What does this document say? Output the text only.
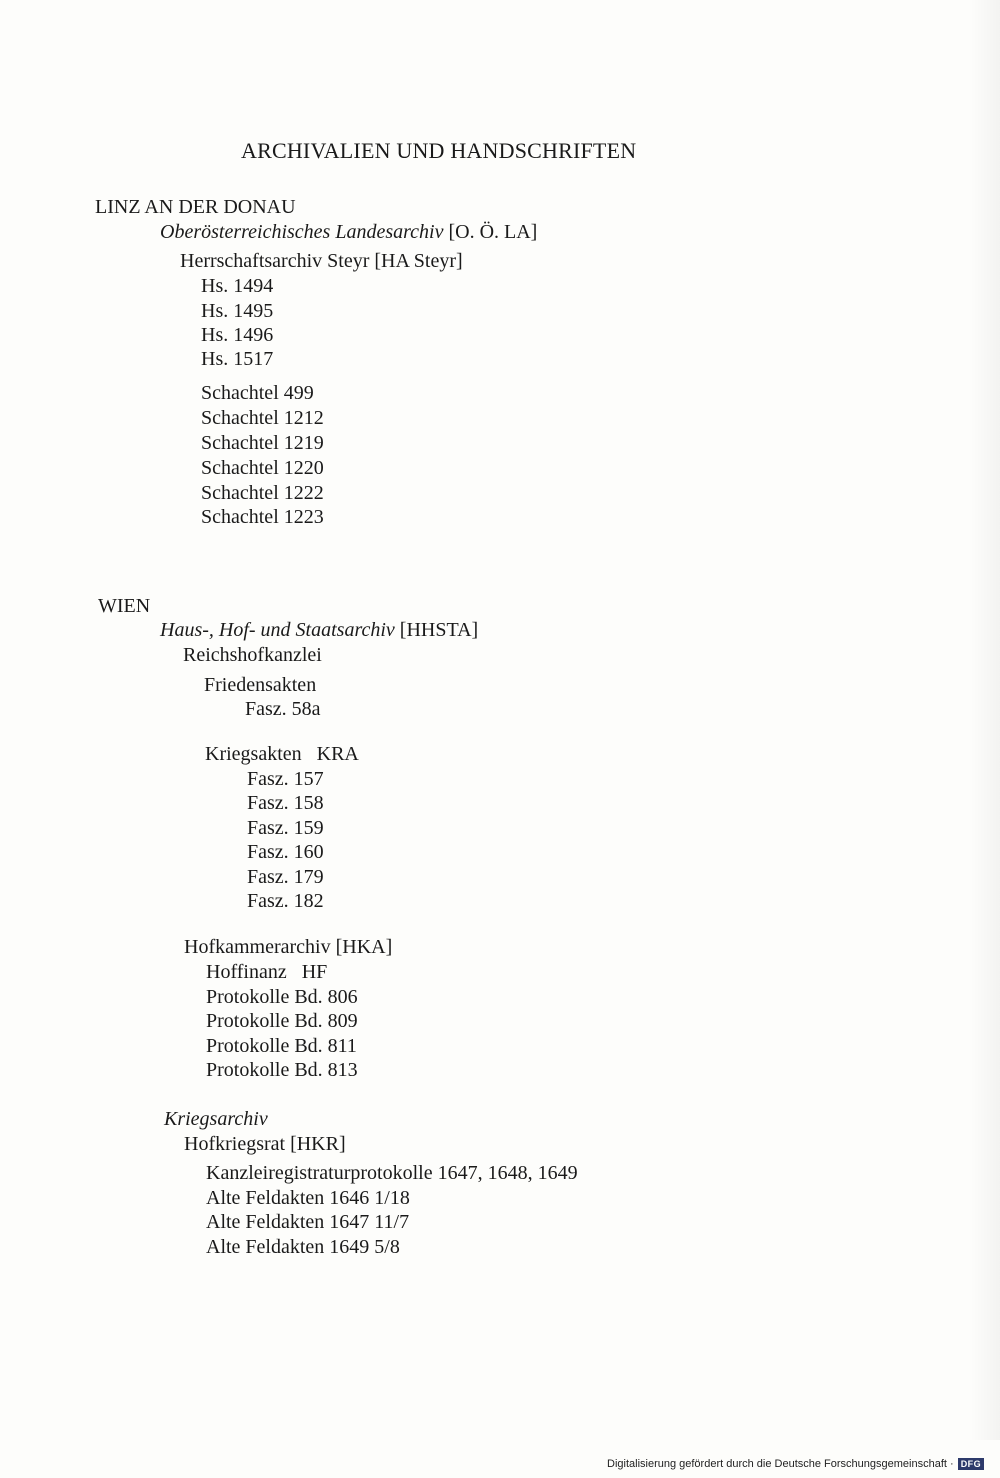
ARCHIVALIEN UND HANDSCHRIFTEN
LINZ AN DER DONAU
Oberösterreichisches Landesarchiv [O. Ö. LA]
Herrschaftsarchiv Steyr [HA Steyr]
Hs. 1494
Hs. 1495
Hs. 1496
Hs. 1517
Schachtel 499
Schachtel 1212
Schachtel 1219
Schachtel 1220
Schachtel 1222
Schachtel 1223
WIEN
Haus-, Hof- und Staatsarchiv [HHSTA]
Reichshofkanzlei
Friedensakten
Fasz. 58a
Kriegsakten   KRA
Fasz. 157
Fasz. 158
Fasz. 159
Fasz. 160
Fasz. 179
Fasz. 182
Hofkammerarchiv [HKA]
Hoffinanz   HF
Protokolle Bd. 806
Protokolle Bd. 809
Protokolle Bd. 811
Protokolle Bd. 813
Kriegsarchiv
Hofkriegsrat [HKR]
Kanzleiregistraturprotokolle 1647, 1648, 1649
Alte Feldakten 1646 1/18
Alte Feldakten 1647 11/7
Alte Feldakten 1649 5/8
Digitalisierung gefördert durch die Deutsche Forschungsgemeinschaft · DFG
